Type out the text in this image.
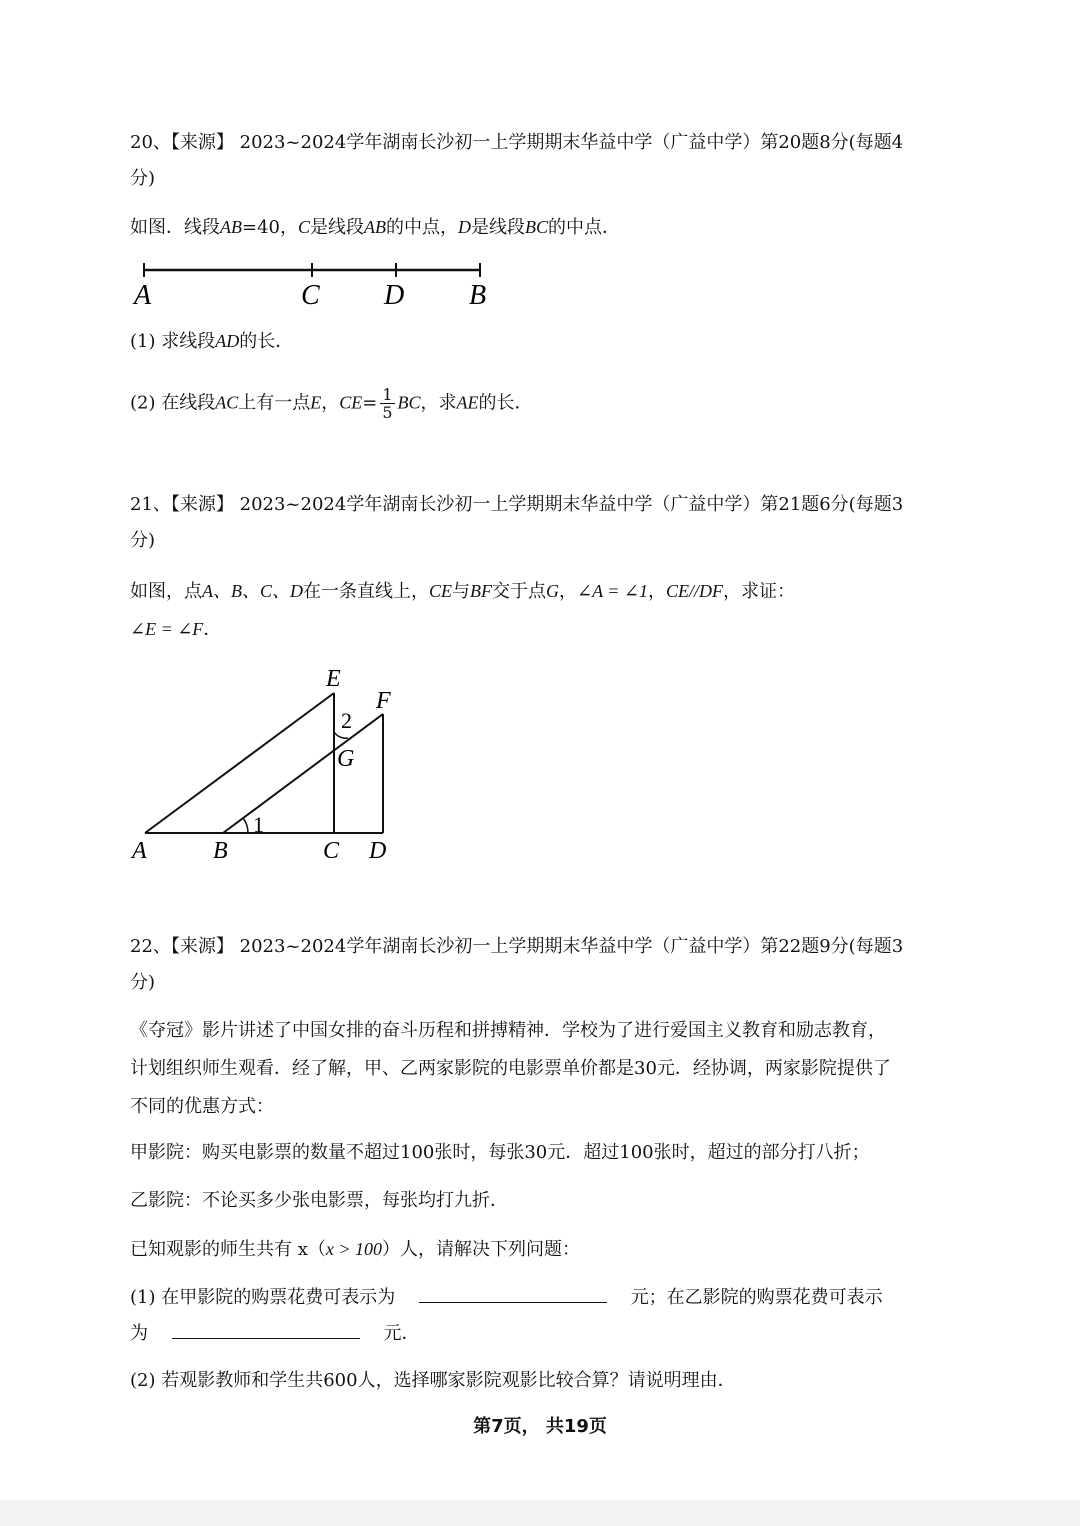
20、【来源】 2023~2024学年湖南长沙初一上学期期末华益中学（广益中学）第20题8分(每题4
分)
如图．线段AB=40，C是线段AB的中点，D是线段BC的中点．
A	C D B
(1) 求线段AD的长．
(2) 在线段AC上有一点E，$CE= \frac{1}{5}$ BC，求AE的长．
21、【来源】 2023~2024学年湖南长沙初一上学期期末华益中学（广益中学）第21题6分(每题3
分)
如图，点A、B、C、D在一条直线上，CE与BF交于点G，∠A = ∠1，CE//DF，求证：
∠E = ∠F．
E
F
2
G
1
A	B	C D
22、【来源】 2023~2024学年湖南长沙初一上学期期末华益中学（广益中学）第22题9分(每题3
分)
《夺冠》影片讲述了中国女排的奋斗历程和拼搏精神．学校为了进行爱国主义教育和励志教育，
计划组织师生观看．经了解，甲、乙两家影院的电影票单价都是30元．经协调，两家影院提供了
不同的优惠方式：
甲影院：购买电影票的数量不超过100张时，每张30元．超过100张时，超过的部分打八折；
乙影院：不论买多少张电影票，每张均打九折．
已知观影的师生共有 x（x > 100）人，请解决下列问题：
(1) 在甲影院的购票花费可表示为	元；在乙影院的购票花费可表示
为	元．
(2) 若观影教师和学生共600人，选择哪家影院观影比较合算？请说明理由．
第7页， 共19页
